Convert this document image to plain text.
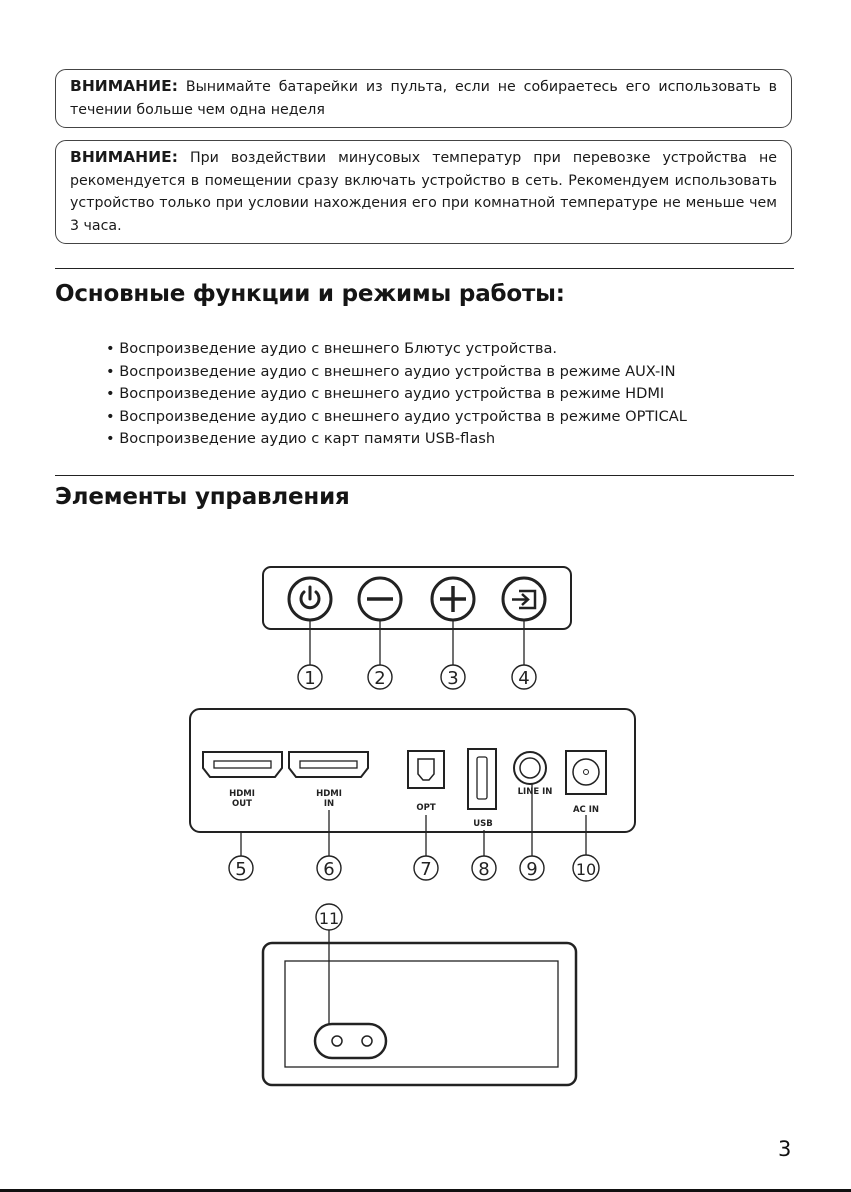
ВНИМАНИЕ: Вынимайте батарейки из пульта, если не собираетесь его использовать в течении больше чем одна неделя
ВНИМАНИЕ: При воздействии минусовых температур при перевозке устройства не рекомендуется в помещении сразу включать устройство в сеть. Рекомендуем использовать устройство только при условии нахождения его при комнатной температуре не меньше чем 3 часа.
Основные функции и режимы работы:
• Воспроизведение аудио с внешнего Блютус устройства.
• Воспроизведение аудио с внешнего аудио устройства в режиме AUX-IN
• Воспроизведение аудио с внешнего аудио устройства в режиме HDMI
• Воспроизведение аудио с внешнего аудио устройства в режиме OPTICAL
• Воспроизведение аудио с карт памяти USB-flash
Элементы управления
1	2	3	4
HDMI
OUT
HDMI
IN	OPT
USB
LINE IN
AC IN
5	6	7	8 9 10
11
3
